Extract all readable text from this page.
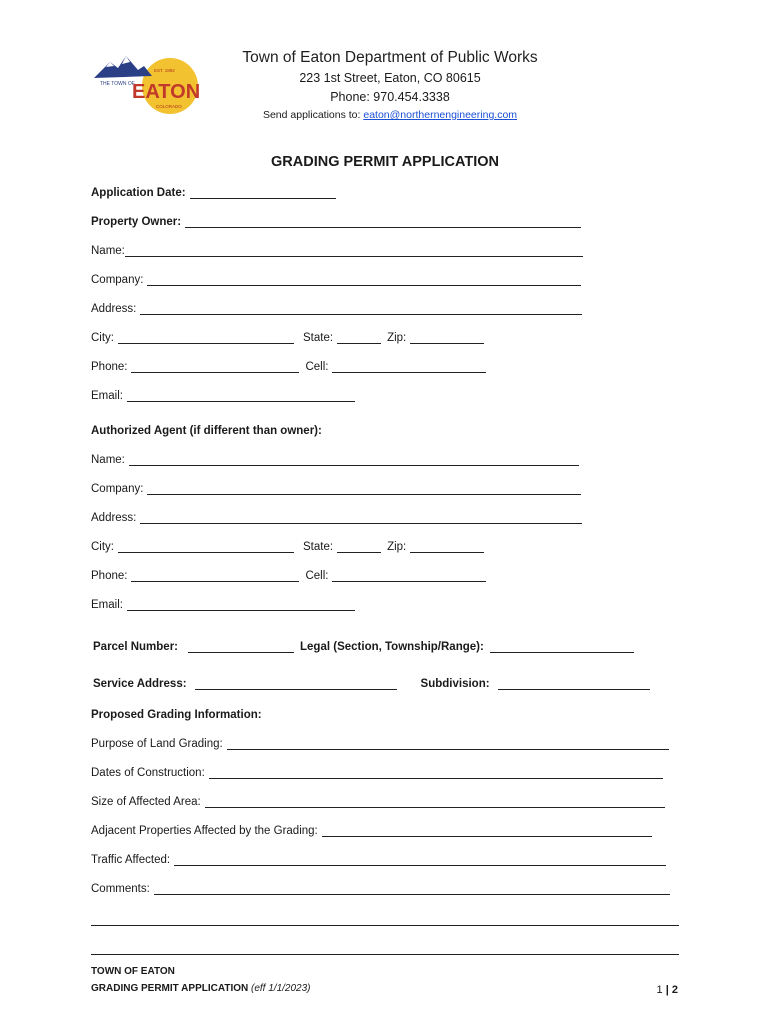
THE TOWN OF
EST. 1892
EATON
COLORADO
Town of Eaton Department of Public Works
223 1st Street, Eaton, CO 80615
Phone: 970.454.3338
Send applications to: eaton@northernengineering.com
GRADING PERMIT APPLICATION
Application Date:
Property Owner:
Name:
Company:
Address:
City:	State:	Zip:
Phone:	Cell:
Email:
Authorized Agent (if different than owner):
Name:
Company:
Address:
City:	State:	Zip:
Phone:	Cell:
Email:
Parcel Number:	Legal (Section, Township/Range):
Service Address:	Subdivision:
Proposed Grading Information:
Purpose of Land Grading:
Dates of Construction:
Size of Affected Area:
Adjacent Properties Affected by the Grading:
Traffic Affected:
Comments:
TOWN OF EATON
GRADING PERMIT APPLICATION (eff 1/1/2023)	1 | 2
